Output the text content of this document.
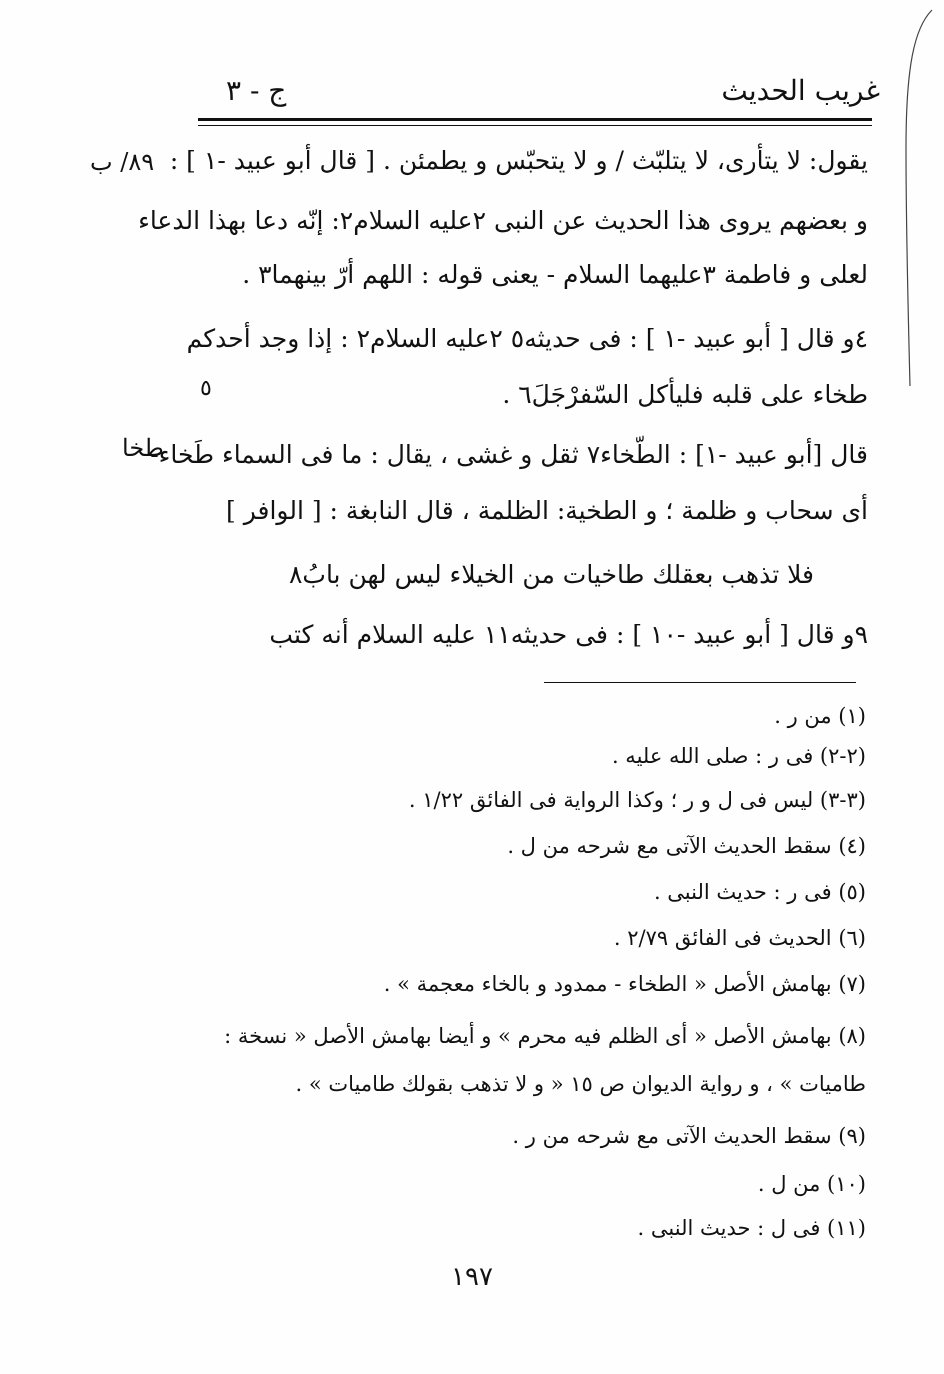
غريب الحديث
ج - ٣
٨٩/ ب
٥
طخا
يقول: لا يتأرى، لا يتلبّث / و لا يتحبّس و يطمئن . [ قال أبو عبيد -١ ] :
و بعضهم يروى هذا الحديث عن النبى ٢عليه السلام٢: إنّه دعا بهذا الدعاء
لعلى و فاطمة ٣عليهما السلام - يعنى قوله : اللهم أرّ بينهما٣ .
٤و قال [ أبو عبيد -١ ] : فى حديثه٥ ٢عليه السلام٢ : إذا وجد أحدكم
طخاء على قلبه فليأكل السّفرْجَلَ٦ .
قال [أبو عبيد -١] : الطّخاء٧ ثقل و غشى ، يقال : ما فى السماء طَخاء-
أى سحاب و ظلمة ؛ و الطخية: الظلمة ، قال النابغة : [ الوافر ]
فلا تذهب بعقلك طاخيات من الخيلاء ليس لهن بابُ٨
٩و قال [ أبو عبيد -١٠ ] : فى حديثه١١ عليه السلام أنه كتب
(١) من ر .
(٢-٢) فى ر : صلى الله عليه .
(٣-٣) ليس فى ل و ر ؛ وكذا الرواية فى الفائق ١/٢٢ .
(٤) سقط الحديث الآتى مع شرحه من ل .
(٥) فى ر : حديث النبى .
(٦) الحديث فى الفائق ٢/٧٩ .
(٧) بهامش الأصل « الطخاء - ممدود و بالخاء معجمة » .
(٨) بهامش الأصل « أى الظلم فيه محرم » و أيضا بهامش الأصل « نسخة :
طاميات » ، و رواية الديوان ص ١٥ « و لا تذهب بقولك طاميات » .
(٩) سقط الحديث الآتى مع شرحه من ر .
(١٠) من ل .
(١١) فى ل : حديث النبى .
١٩٧
